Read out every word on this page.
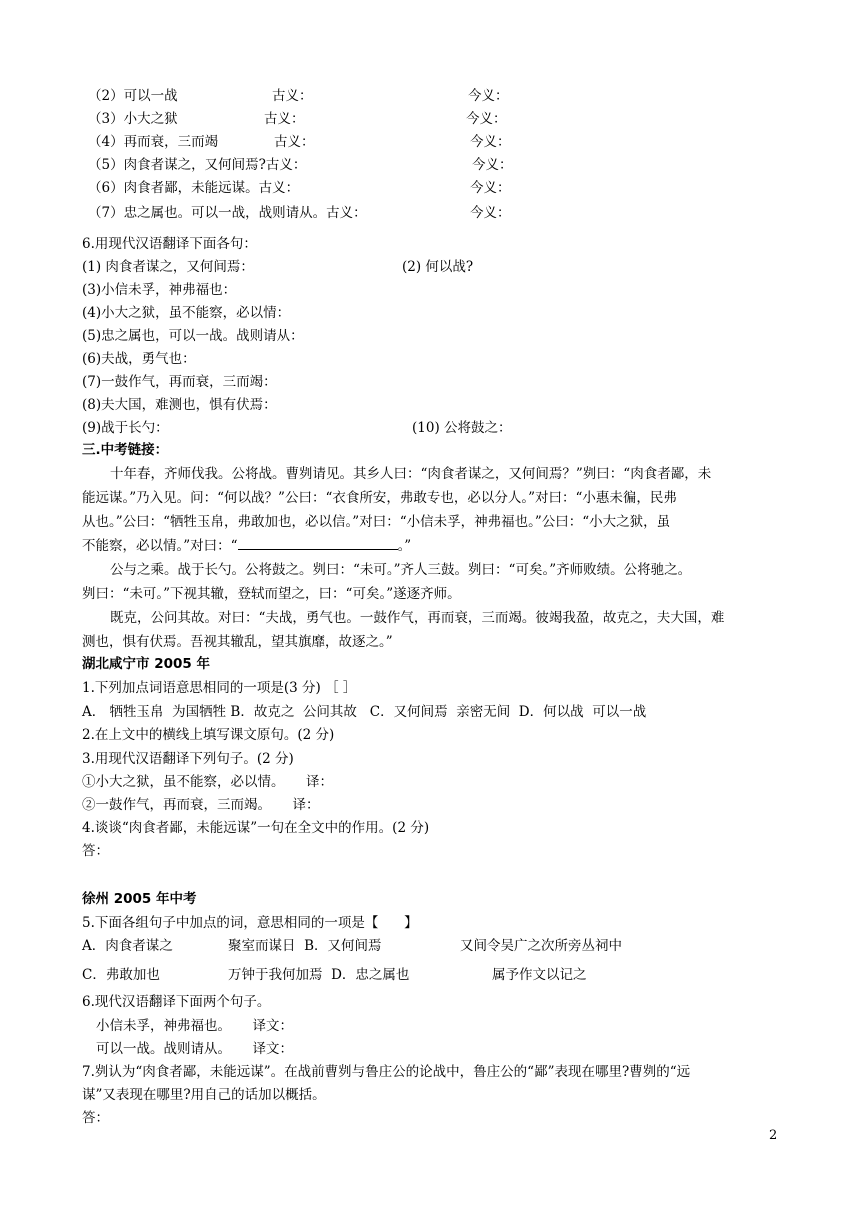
（2）可以一战	古义：	今义：
（3）小大之狱	古义：	今义：
（4）再而衰，三而竭	古义：	今义：
（5）肉食者谋之，又何间焉?古义：	今义：
（6）肉食者鄙，未能远谋。古义：	今义：
（7）忠之属也。可以一战，战则请从。古义：	今义：
6.用现代汉语翻译下面各句：
(1) 肉食者谋之，又何间焉：	(2) 何以战?
(3)小信未孚，神弗福也：
(4)小大之狱，虽不能察，必以情：
(5)忠之属也，可以一战。战则请从：
(6)夫战，勇气也：
(7)一鼓作气，再而衰，三而竭：
(8)夫大国，难测也，惧有伏焉：
(9)战于长勺：	(10) 公将鼓之：
三.中考链接：
十年春，齐师伐我。公将战。曹刿请见。其乡人曰：“肉食者谋之，又何间焉？”刿曰：“肉食者鄙，未
能远谋。”乃入见。问：“何以战？”公曰：“衣食所安，弗敢专也，必以分人。”对曰：“小惠未徧，民弗
从也。”公曰：“牺牲玉帛，弗敢加也，必以信。”对曰：“小信未孚，神弗福也。”公曰：“小大之狱，虽
不能察，必以情。”对曰：“	。”
公与之乘。战于长勺。公将鼓之。刿曰：“未可。”齐人三鼓。刿曰：“可矣。”齐师败绩。公将驰之。
刿曰：“未可。”下视其辙，登轼而望之，曰：“可矣。”遂逐齐师。
既克，公问其故。对曰：“夫战，勇气也。一鼓作气，再而衰，三而竭。彼竭我盈，故克之，夫大国，难
测也，惧有伏焉。吾视其辙乱，望其旗靡，故逐之。”
湖北咸宁市 2005 年
1.下列加点词语意思相同的一项是(3 分) ［ ］
A． 牺牲玉帛  为国牺牲 B．故克之  公问其故   C．又何间焉  亲密无间  D．何以战  可以一战
2.在上文中的横线上填写课文原句。(2 分)
3.用现代汉语翻译下列句子。(2 分)
①小大之狱，虽不能察，必以情。     译：
②一鼓作气，再而衰，三而竭。     译：
4.谈谈“肉食者鄙，未能远谋”一句在全文中的作用。(2 分)
答：
徐州 2005 年中考
5.下面各组句子中加点的词，意思相同的一项是【      】
A．肉食者谋之	聚室而谋日  B．又何间焉	又间令吴广之次所旁丛祠中
C．弗敢加也	万钟于我何加焉  D．忠之属也	属予作文以记之
6.现代汉语翻译下面两个句子。
小信未孚，神弗福也。     译文：
可以一战。战则请从。     译文：
7.刿认为“肉食者鄙，未能远谋”。在战前曹刿与鲁庄公的论战中，鲁庄公的“鄙”表现在哪里?曹刿的“远
谋”又表现在哪里?用自己的话加以概括。
答：
2
